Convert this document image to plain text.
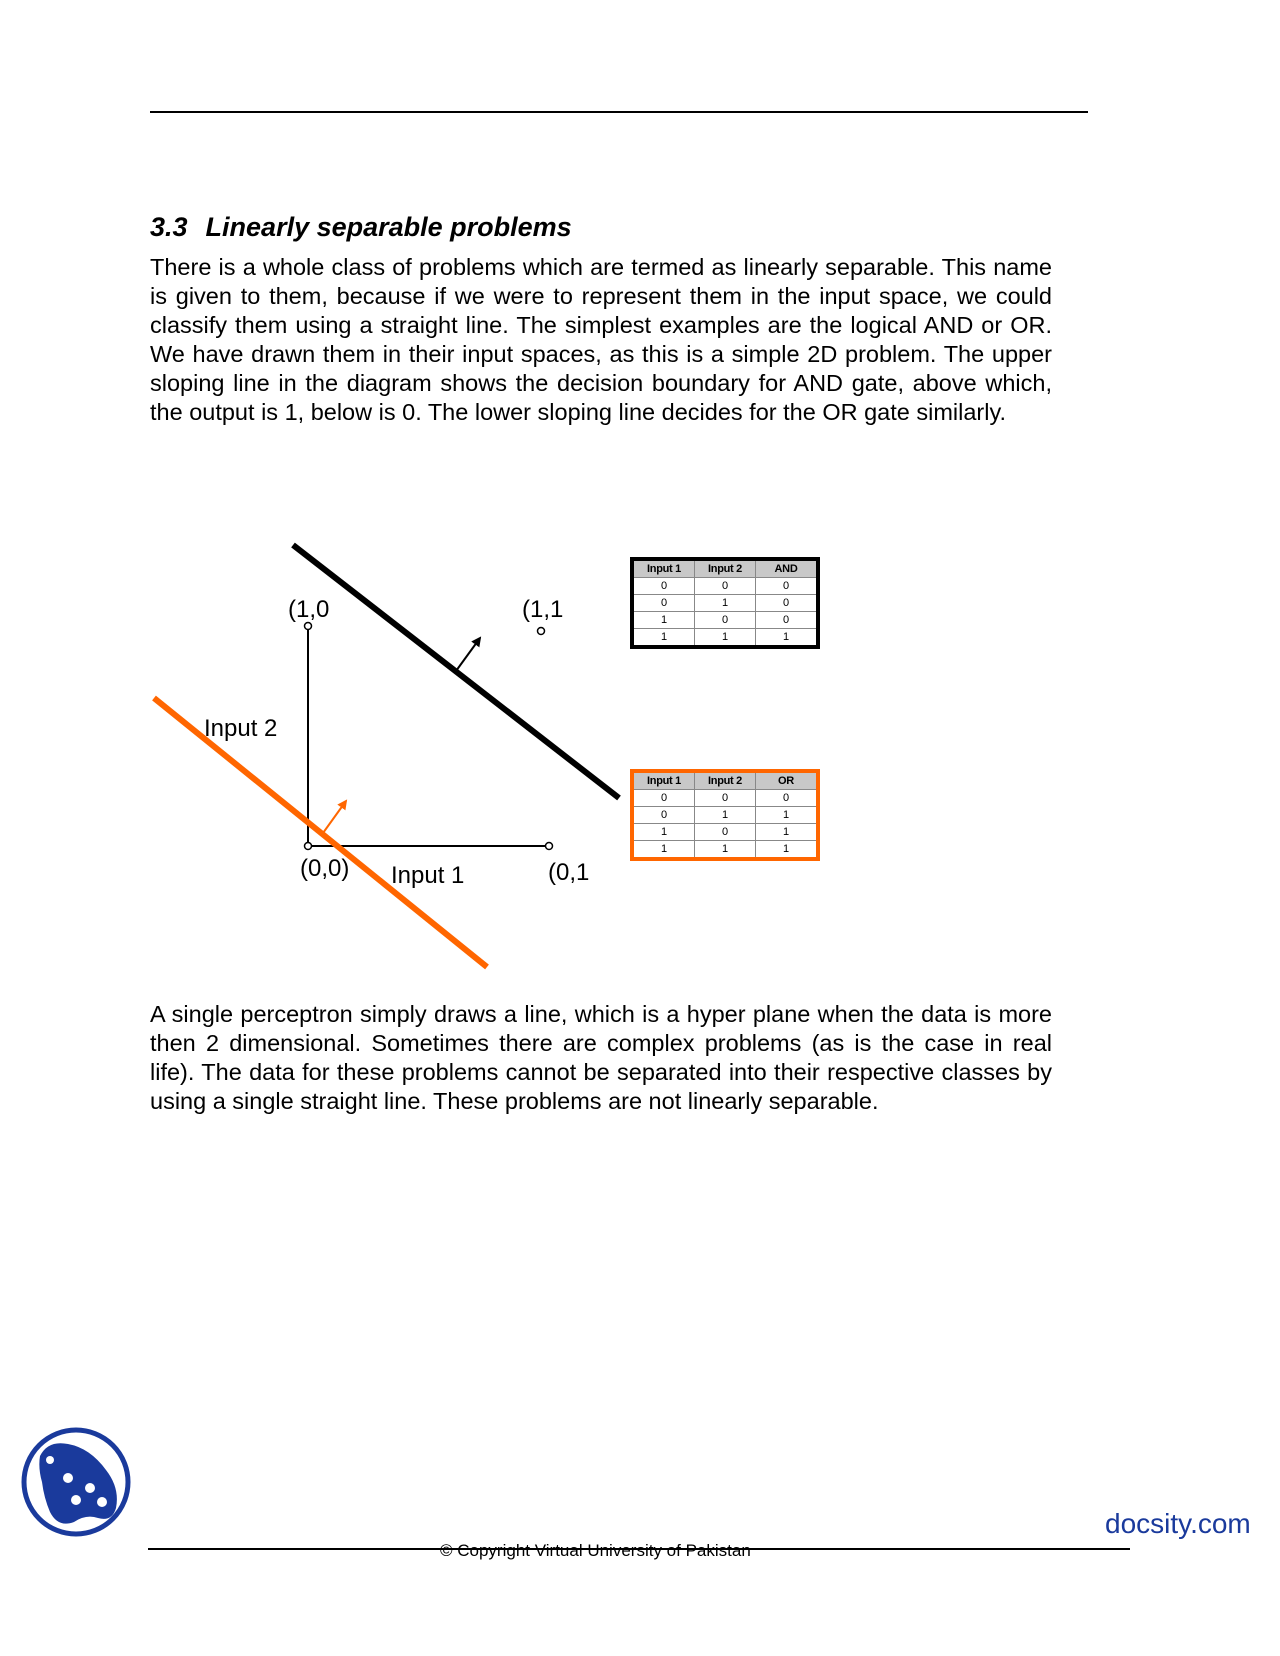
3.3 Linearly separable problems

There is a whole class of problems which are termed as linearly separable. This name is given to them, because if we were to represent them in the input space, we could classify them using a straight line. The simplest examples are the logical AND or OR. We have drawn them in their input spaces, as this is a simple 2D problem. The upper sloping line in the diagram shows the decision boundary for AND gate, above which, the output is 1, below is 0. The lower sloping line decides for the OR gate similarly.

(1,0	(1,1
Input 2
(0,0) Input 1	(0,1
Input 1	Input 2	AND
0	0	0
0	1	0
1	0	0
1	1	1
Input 1	Input 2	OR
0	0	0
0	1	1
1	0	1
1	1	1

A single perceptron simply draws a line, which is a hyper plane when the data is more then 2 dimensional. Sometimes there are complex problems (as is the case in real life). The data for these problems cannot be separated into their respective classes by using a single straight line. These problems are not linearly separable.

docsity.com
© Copyright Virtual University of Pakistan
